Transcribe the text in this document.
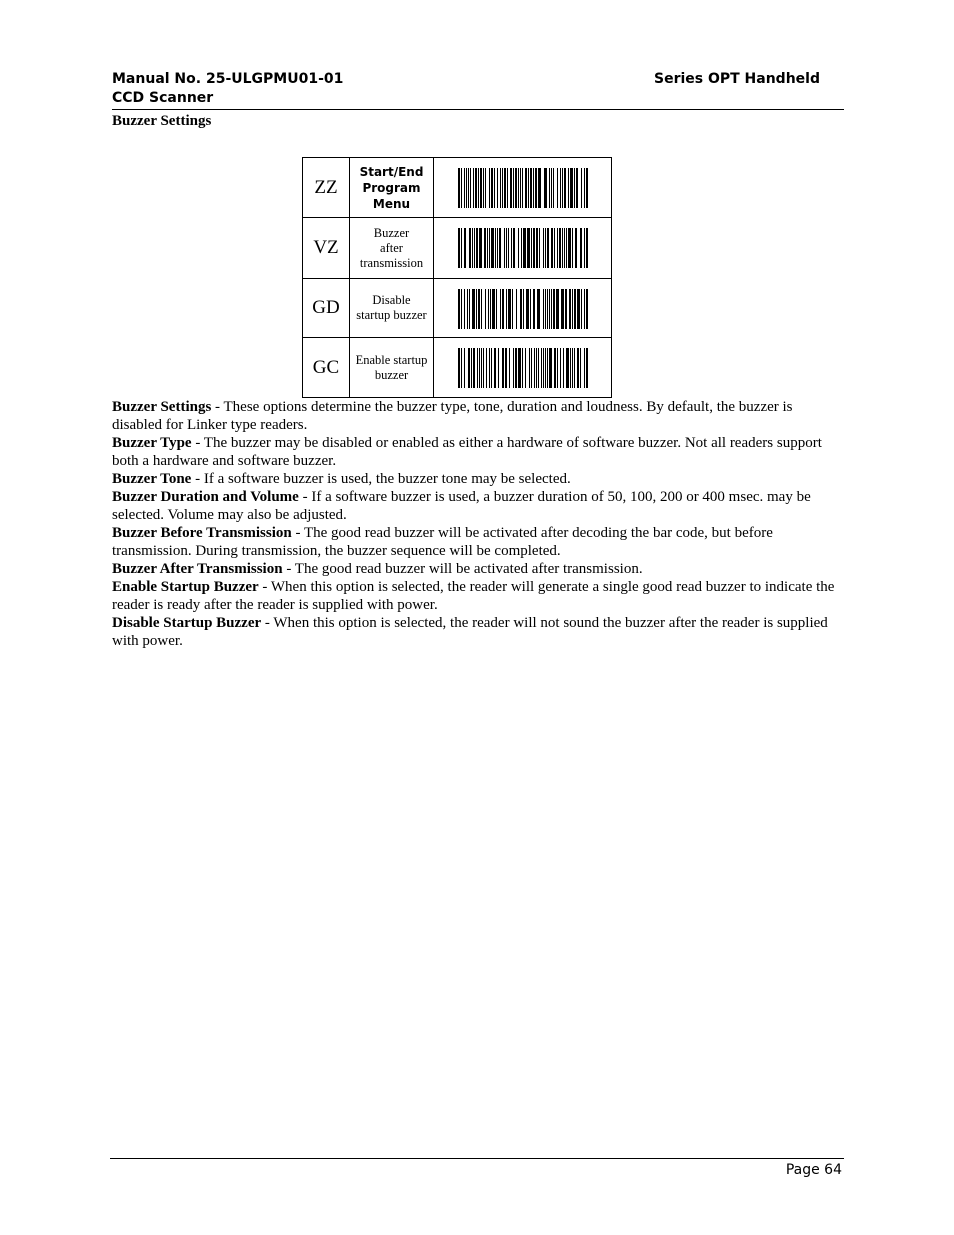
Manual No. 25-ULGPMU01-01
CCD Scanner
Series OPT Handheld
Buzzer Settings
ZZ	Start/End
Program
Menu

VZ	Buzzer
after
transmission

GD	Disable
startup buzzer

GC	Enable startup
buzzer

Buzzer Settings - These options determine the buzzer type, tone, duration and loudness. By default, the buzzer is disabled for Linker type readers.

Buzzer Type - The buzzer may be disabled or enabled as either a hardware of software buzzer. Not all readers support both a hardware and software buzzer.

Buzzer Tone - If a software buzzer is used, the buzzer tone may be selected.

Buzzer Duration and Volume - If a software buzzer is used, a buzzer duration of 50, 100, 200 or 400 msec. may be selected. Volume may also be adjusted.

Buzzer Before Transmission - The good read buzzer will be activated after decoding the bar code, but before transmission. During transmission, the buzzer sequence will be completed.

Buzzer After Transmission - The good read buzzer will be activated after transmission.

Enable Startup Buzzer - When this option is selected, the reader will generate a single good read buzzer to indicate the reader is ready after the reader is supplied with power.

Disable Startup Buzzer - When this option is selected, the reader will not sound the buzzer after the reader is supplied with power.

Page 64
